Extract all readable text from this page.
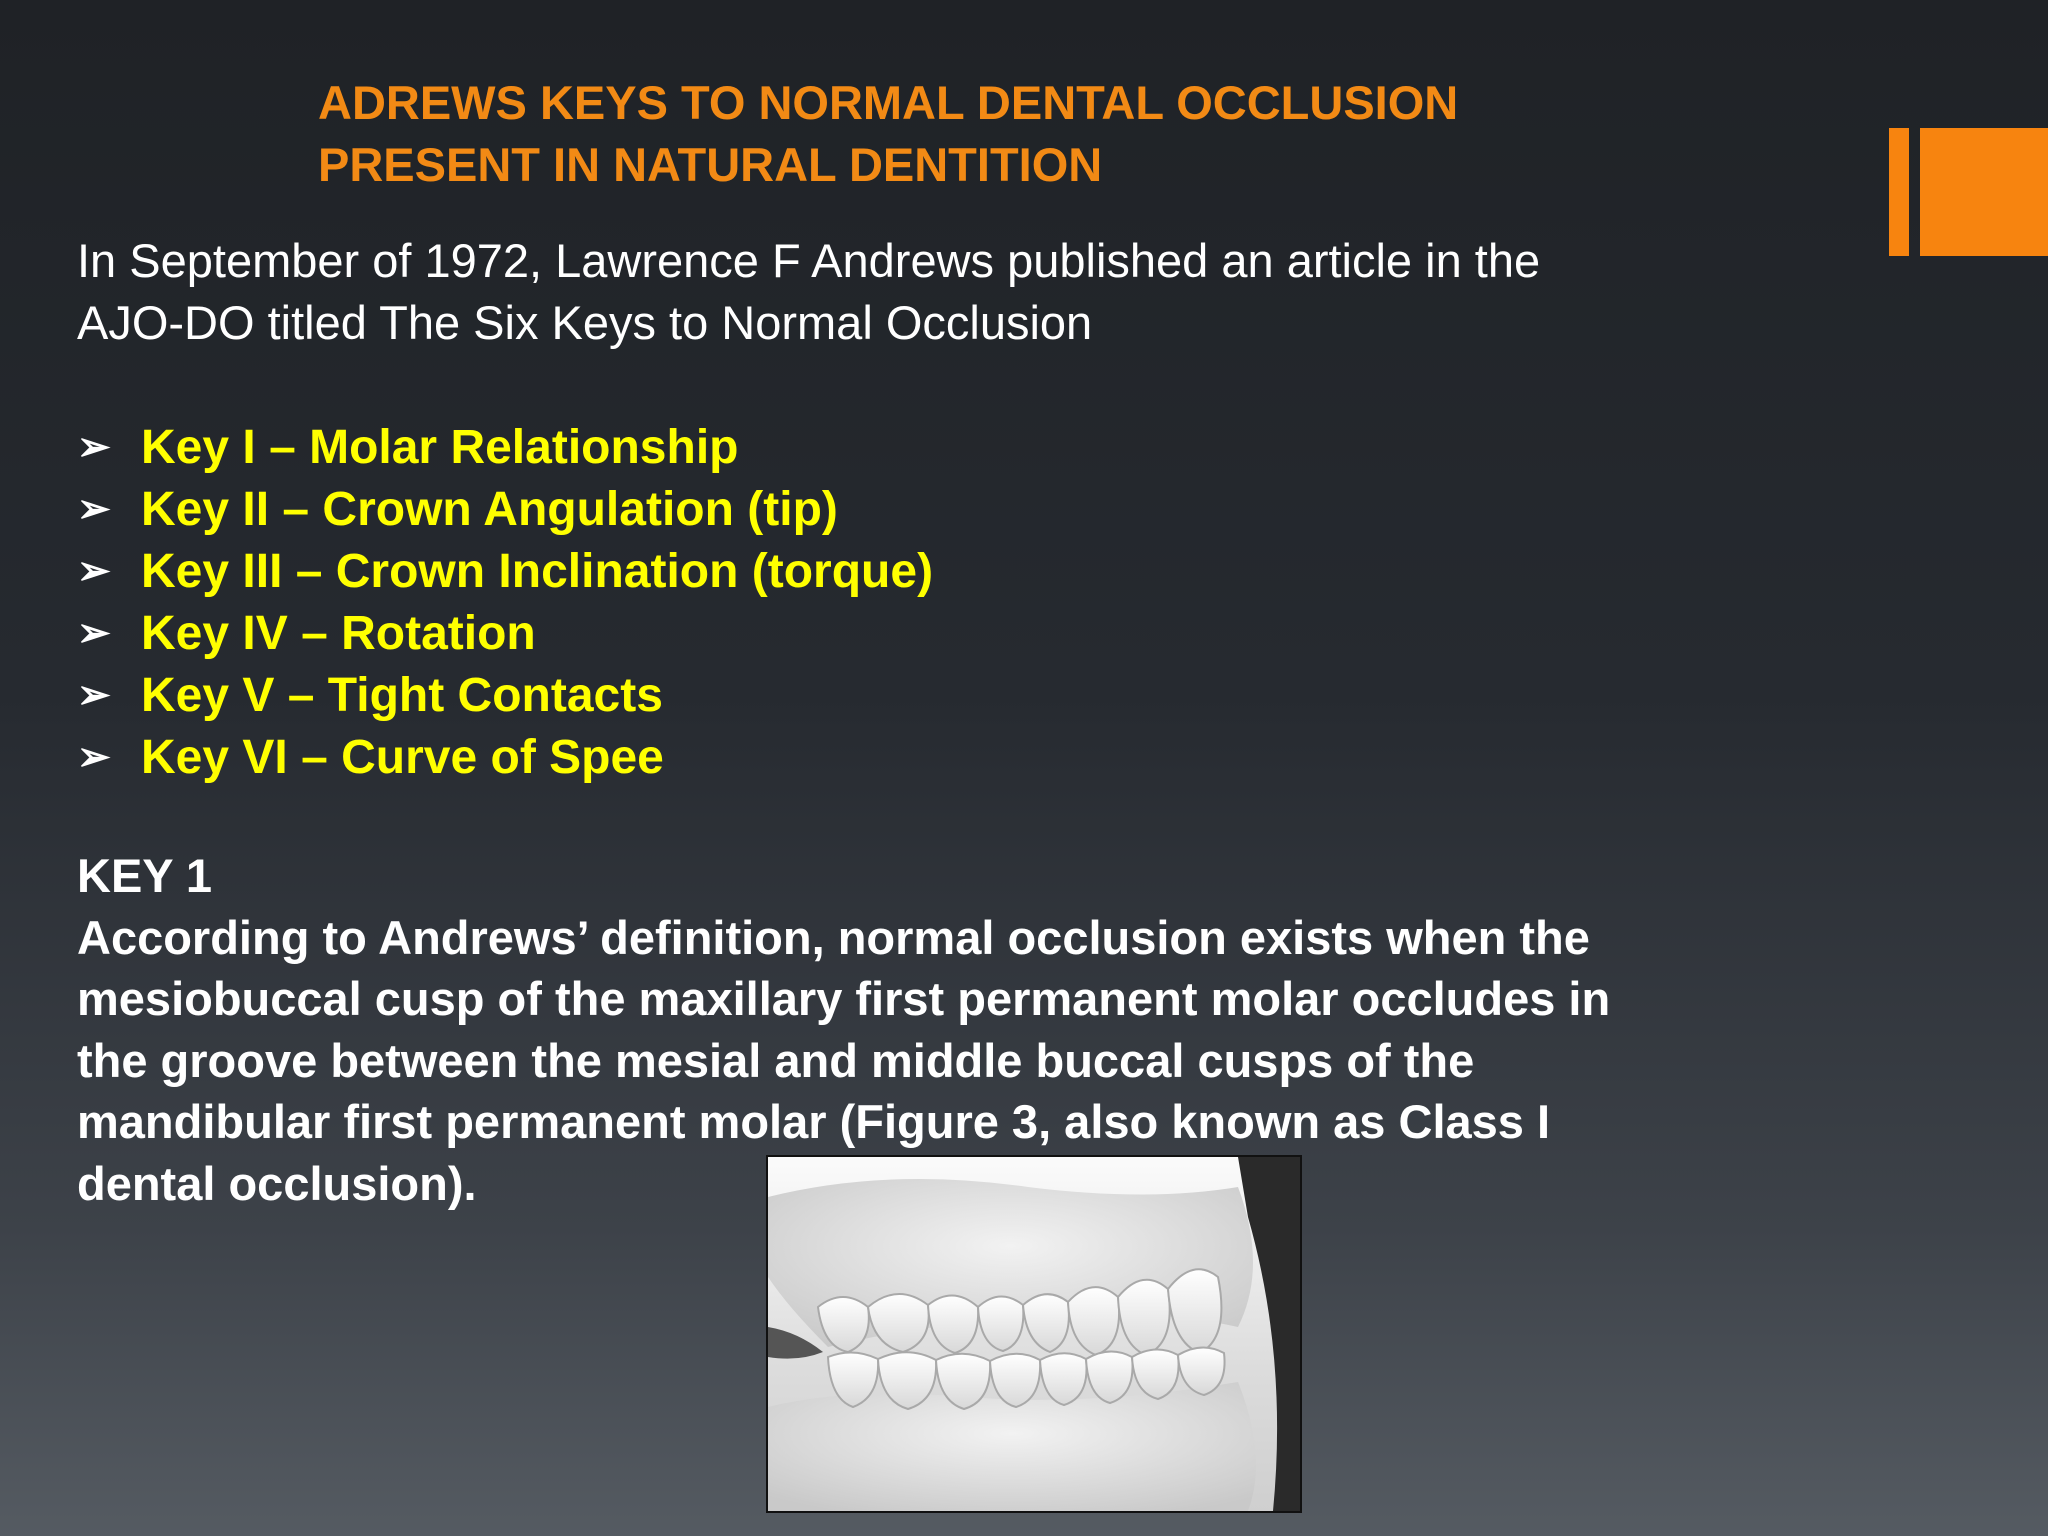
ADREWS KEYS TO NORMAL DENTAL OCCLUSION
PRESENT IN NATURAL DENTITION
In September of 1972, Lawrence F Andrews published an article in the
AJO-DO titled The Six Keys to Normal Occlusion
➢ Key I – Molar Relationship
➢ Key II – Crown Angulation (tip)
➢ Key III – Crown Inclination (torque)
➢ Key IV – Rotation
➢ Key V – Tight Contacts
➢ Key VI – Curve of Spee
KEY 1
According to Andrews’ definition, normal occlusion exists when the
mesiobuccal cusp of the maxillary first permanent molar occludes in
the groove between the mesial and middle buccal cusps of the
mandibular first permanent molar (Figure 3, also known as Class I
dental occlusion).
